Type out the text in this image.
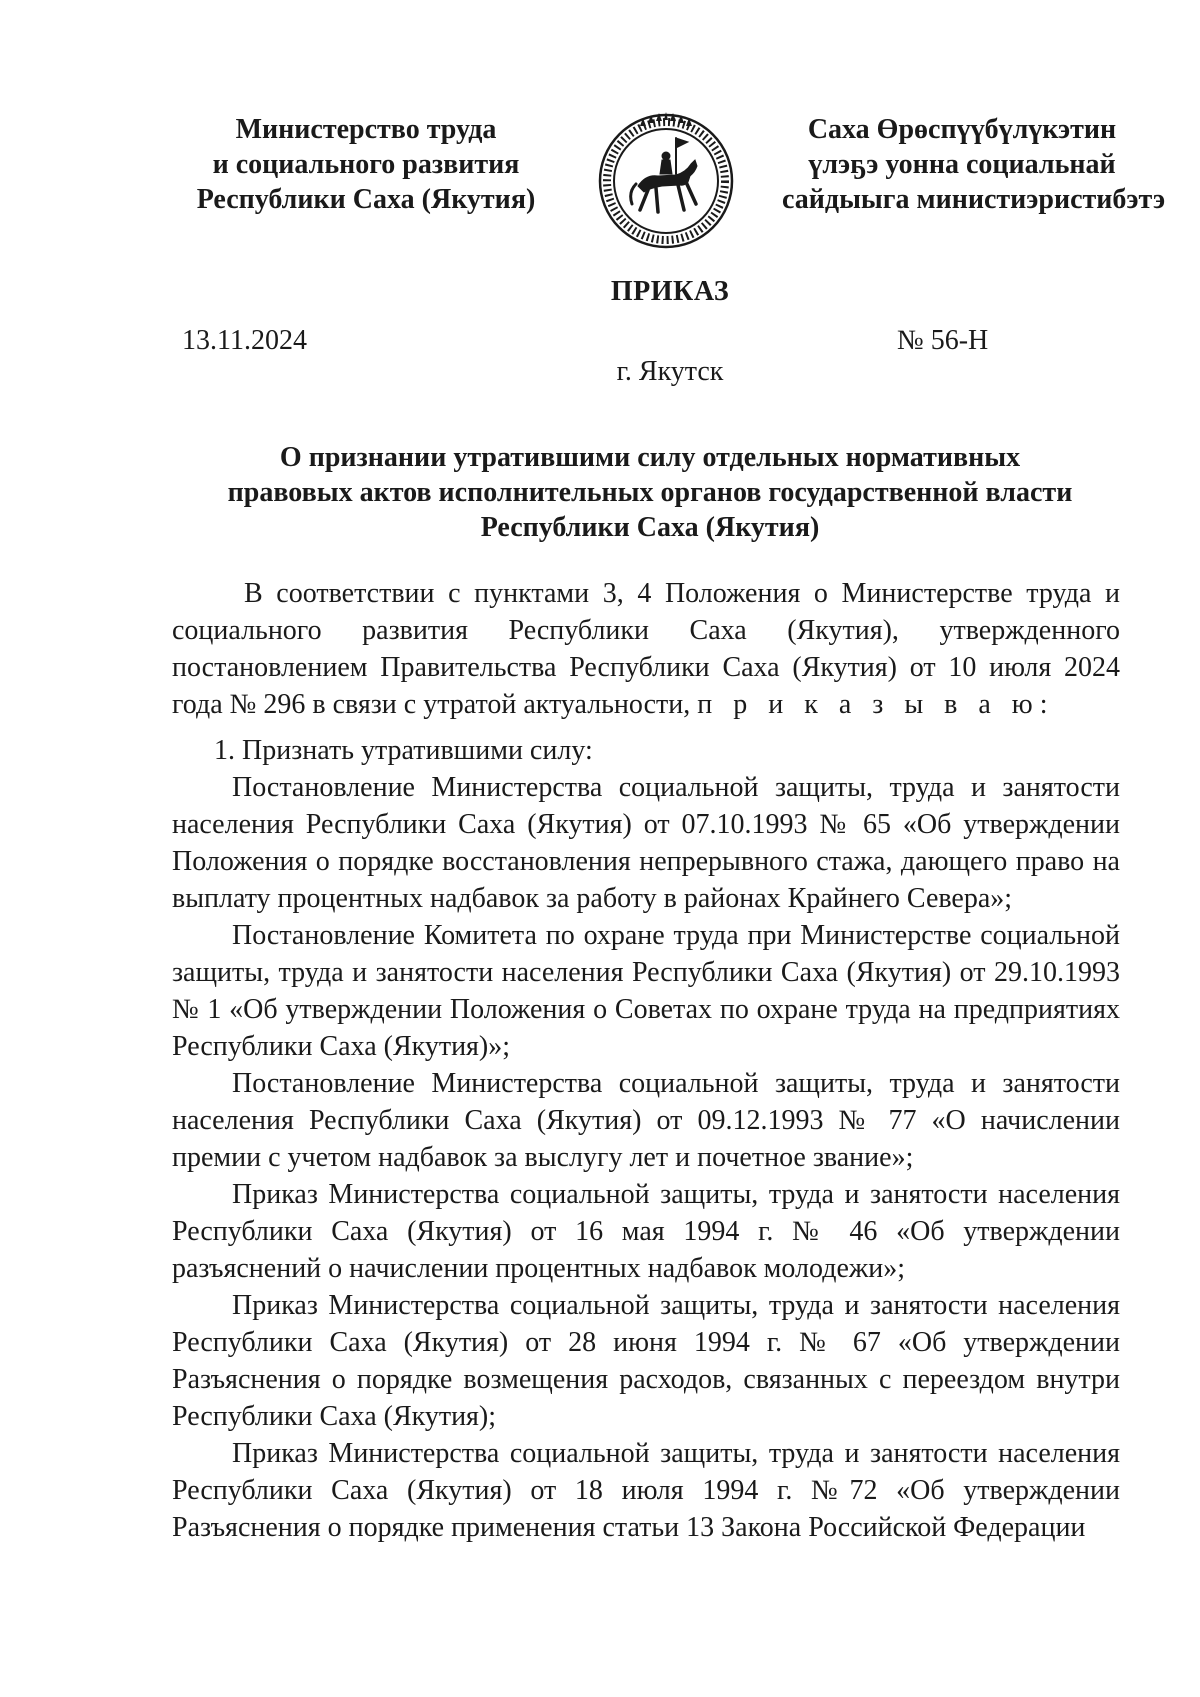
Министерство труда
и социального развития
Республики Саха (Якутия)
Саха Өрөспүүбүлүкэтин
үлэҕэ уонна социальнай
сайдыыга министиэристибэтэ
ПРИКАЗ
13.11.2024	№ 56-Н
г. Якутск
О признании утратившими силу отдельных нормативных
правовых актов исполнительных органов государственной власти
Республики Саха (Якутия)

В соответствии с пунктами 3, 4 Положения о Министерстве труда и социального развития Республики Саха (Якутия), утвержденного постановлением Правительства Республики Саха (Якутия) от 10 июля 2024 года № 296 в связи с утратой актуальности, п р и к а з ы в а ю:

1. Признать утратившими силу:

Постановление Министерства социальной защиты, труда и занятости населения Республики Саха (Якутия) от 07.10.1993 № 65 «Об утверждении Положения о порядке восстановления непрерывного стажа, дающего право на выплату процентных надбавок за работу в районах Крайнего Севера»;

Постановление Комитета по охране труда при Министерстве социальной защиты, труда и занятости населения Республики Саха (Якутия) от 29.10.1993 № 1 «Об утверждении Положения о Советах по охране труда на предприятиях Республики Саха (Якутия)»;

Постановление Министерства социальной защиты, труда и занятости населения Республики Саха (Якутия) от 09.12.1993 № 77 «О начислении премии с учетом надбавок за выслугу лет и почетное звание»;

Приказ Министерства социальной защиты, труда и занятости населения Республики Саха (Якутия) от 16 мая 1994 г. № 46 «Об утверждении разъяснений о начислении процентных надбавок молодежи»;

Приказ Министерства социальной защиты, труда и занятости населения Республики Саха (Якутия) от 28 июня 1994 г. № 67 «Об утверждении Разъяснения о порядке возмещения расходов, связанных с переездом внутри Республики Саха (Якутия);

Приказ Министерства социальной защиты, труда и занятости населения Республики Саха (Якутия) от 18 июля 1994 г. №72 «Об утверждении Разъяснения о порядке применения статьи 13 Закона Российской Федерации
